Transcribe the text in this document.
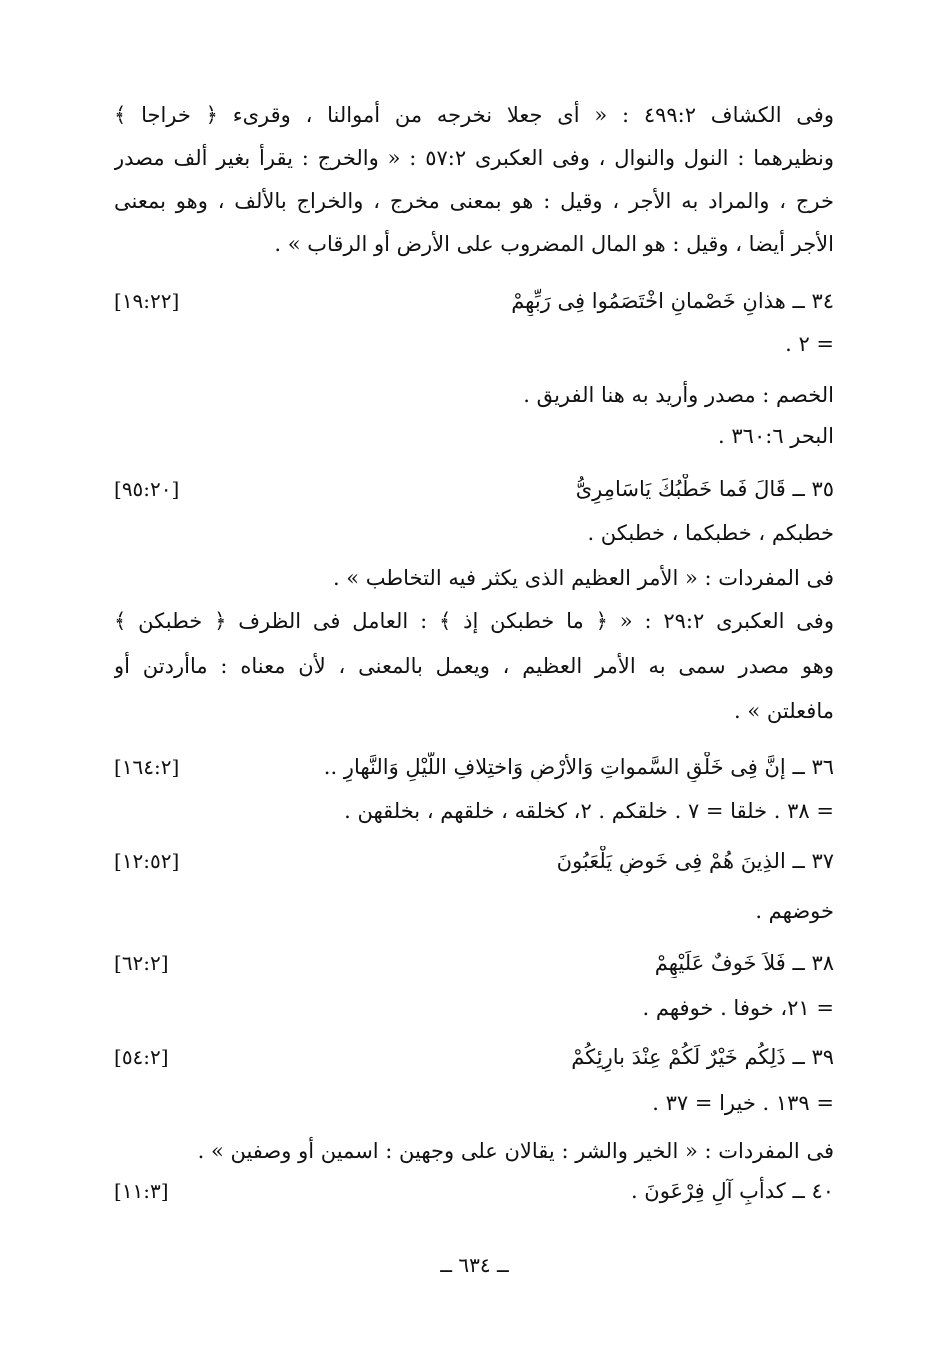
وفى الكشاف ٤٩٩:٢ : « أى جعلا نخرجه من أموالنا ، وقرىء ﴿ خراجا ﴾
ونظيرهما : النول والنوال ، وفى العكبرى ٥٧:٢ : « والخرج : يقرأ بغير ألف مصدر
خرج ، والمراد به الأجر ، وقيل : هو بمعنى مخرج ، والخراج بالألف ، وهو بمعنى
الأجر أيضا ، وقيل : هو المال المضروب على الأرض أو الرقاب » .
٣٤ ــ هذانِ خَصْمانِ اخْتَصَمُوا فِى رَبِّهِمْ
[١٩:٢٢]
= ٢ .
الخصم : مصدر وأريد به هنا الفريق .
البحر ٣٦٠:٦ .
٣٥ ــ قَالَ فَما خَطْبُكَ يَاسَامِرِىُّ
[٩٥:٢٠]
خطبكم ، خطبكما ، خطبكن .
فى المفردات : « الأمر العظيم الذى يكثر فيه التخاطب » .
وفى العكبرى ٢٩:٢ : « ﴿ ما خطبكن إذ ﴾ : العامل فى الظرف ﴿ خطبكن ﴾
وهو مصدر سمى به الأمر العظيم ، ويعمل بالمعنى ، لأن معناه : ماأردتن أو
مافعلتن » .
٣٦ ــ إنَّ فِى خَلْقِ السَّمواتِ وَالأرْضِ وَاختِلافِ اللَّيْلِ وَالنَّهارِ ..
[١٦٤:٢]
= ٣٨ . خلقا = ٧ . خلقكم . ٢، كخلقه ، خلقهم ، بخلقهن .
٣٧ ــ الذِينَ هُمْ فِى خَوضٍ يَلْعَبُونَ
[١٢:٥٢]
خوضهم .
٣٨ ــ فَلاَ خَوفٌ عَلَيْهِمْ
[٦٢:٢]
= ٢١، خوفا . خوفهم .
٣٩ ــ ذَلِكُم خَيْرٌ لَكُمْ عِنْدَ بارِئِكُمْ
[٥٤:٢]
= ١٣٩ . خيرا = ٣٧ .
فى المفردات : « الخير والشر : يقالان على وجهين : اسمين أو وصفين » .
٤٠ ــ كدأْبِ آلِ فِرْعَونَ .
[١١:٣]
ــ ٦٣٤ ــ
